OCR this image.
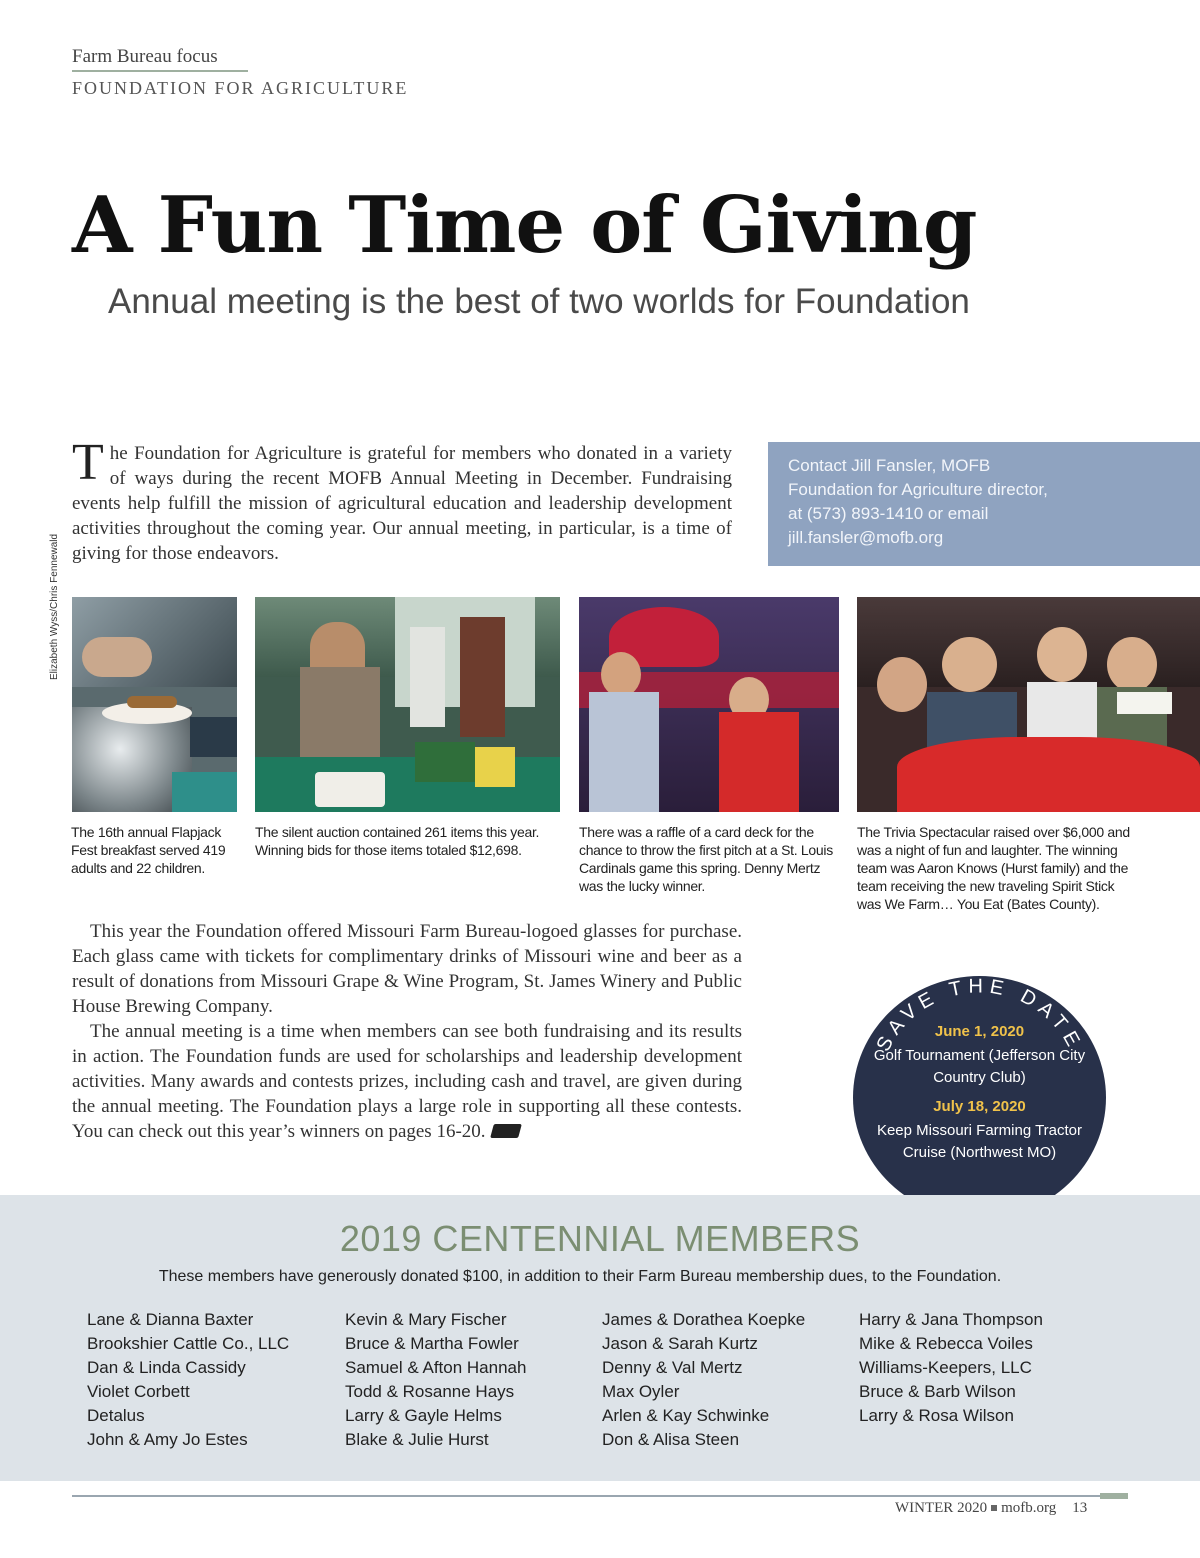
Farm Bureau focus
FOUNDATION FOR AGRICULTURE
A Fun Time of Giving
Annual meeting is the best of two worlds for Foundation
The Foundation for Agriculture is grateful for members who donated in a variety of ways during the recent MOFB Annual Meeting in December. Fundraising events help fulfill the mission of agricultural education and leadership development activities throughout the coming year. Our annual meeting, in particular, is a time of giving for those endeavors.
Contact Jill Fansler, MOFB
Foundation for Agriculture director,
at (573) 893-1410 or email
jill.fansler@mofb.org
Elizabeth Wyss/Chris Fennewald
The 16th annual Flapjack Fest breakfast served 419 adults and 22 children.
The silent auction contained 261 items this year. Winning bids for those items totaled $12,698.
There was a raffle of a card deck for the chance to throw the first pitch at a St. Louis Cardinals game this spring. Denny Mertz was the lucky winner.
The Trivia Spectacular raised over $6,000 and was a night of fun and laughter. The winning team was Aaron Knows (Hurst family) and the team receiving the new traveling Spirit Stick was We Farm… You Eat (Bates County).

This year the Foundation offered Missouri Farm Bureau-logoed glasses for purchase. Each glass came with tickets for complimentary drinks of Missouri wine and beer as a result of donations from Missouri Grape & Wine Program, St. James Winery and Public House Brewing Company.

The annual meeting is a time when members can see both fundraising and its results in action. The Foundation funds are used for scholarships and leadership development activities. Many awards and contests prizes, including cash and travel, are given during the annual meeting. The Foundation plays a large role in supporting all these contests. You can check out this year’s winners on pages 16-20.

SAVE THE DATE
June 1, 2020
Golf Tournament (Jefferson City Country Club)
July 18, 2020
Keep Missouri Farming Tractor Cruise (Northwest MO)
2019 CENTENNIAL MEMBERS
These members have generously donated $100, in addition to their Farm Bureau membership dues, to the Foundation.
Lane & Dianna Baxter
Brookshier Cattle Co., LLC
Dan & Linda Cassidy
Violet Corbett
Detalus
John & Amy Jo Estes
Kevin & Mary Fischer
Bruce & Martha Fowler
Samuel & Afton Hannah
Todd & Rosanne Hays
Larry & Gayle Helms
Blake & Julie Hurst
James & Dorathea Koepke
Jason & Sarah Kurtz
Denny & Val Mertz
Max Oyler
Arlen & Kay Schwinke
Don & Alisa Steen
Harry & Jana Thompson
Mike & Rebecca Voiles
Williams-Keepers, LLC
Bruce & Barb Wilson
Larry & Rosa Wilson
WINTER 2020 mofb.org 13
